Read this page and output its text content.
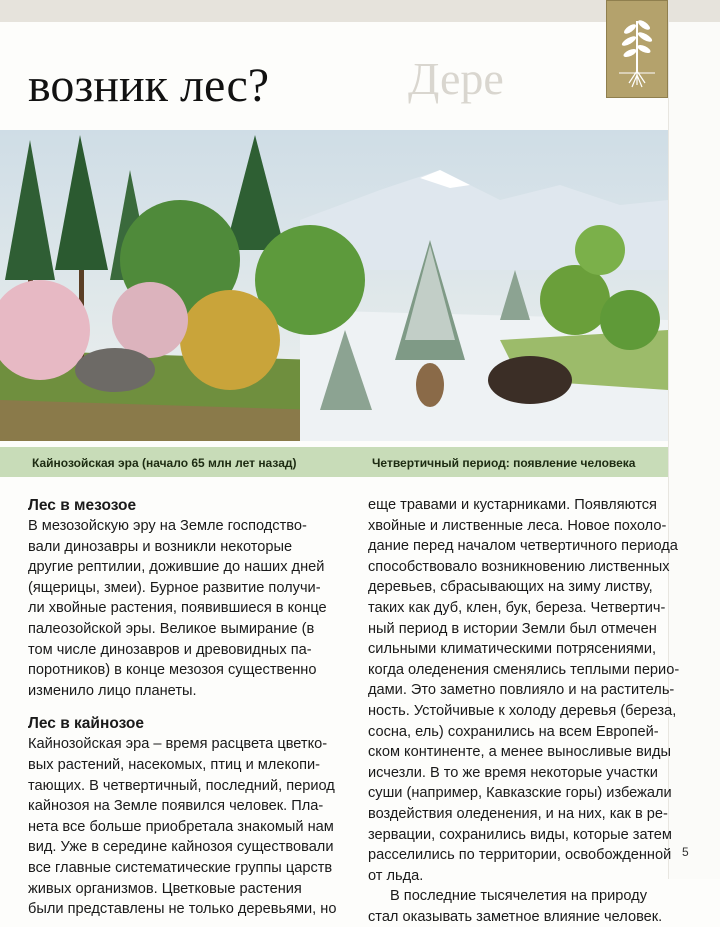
Дере
возник лес?
Кайнозойская эра (начало 65 млн лет назад)	Четвертичный период: появление человека
Лес в мезозое

В мезозойскую эру на Земле господство-
вали динозавры и возникли некоторые
другие рептилии, дожившие до наших дней
(ящерицы, змеи). Бурное развитие получи-
ли хвойные растения, появившиеся в конце
палеозойской эры. Великое вымирание (в
том числе динозавров и древовидных па-
поротников) в конце мезозоя существенно
изменило лицо планеты.

Лес в кайнозое

Кайнозойская эра – время расцвета цветко-
вых растений, насекомых, птиц и млекопи-
тающих. В четвертичный, последний, период
кайнозоя на Земле появился человек. Пла-
нета все больше приобретала знакомый нам
вид. Уже в середине кайнозоя существовали
все главные систематические группы царств
живых организмов. Цветковые растения
были представлены не только деревьями, но

еще травами и кустарниками. Появляются
хвойные и лиственные леса. Новое похоло-
дание перед началом четвертичного периода
способствовало возникновению лиственных
деревьев, сбрасывающих на зиму листву,
таких как дуб, клен, бук, береза. Четвертич-
ный период в истории Земли был отмечен
сильными климатическими потрясениями,
когда оледенения сменялись теплыми перио-
дами. Это заметно повлияло и на раститель-
ность. Устойчивые к холоду деревья (береза,
сосна, ель) сохранились на всем Европей-
ском континенте, а менее выносливые виды
исчезли. В то же время некоторые участки
суши (например, Кавказские горы) избежали
воздействия оледенения, и на них, как в ре-
зервации, сохранились виды, которые затем
расселились по территории, освобожденной
от льда.

В последние тысячелетия на природу
стал оказывать заметное влияние человек.

5
